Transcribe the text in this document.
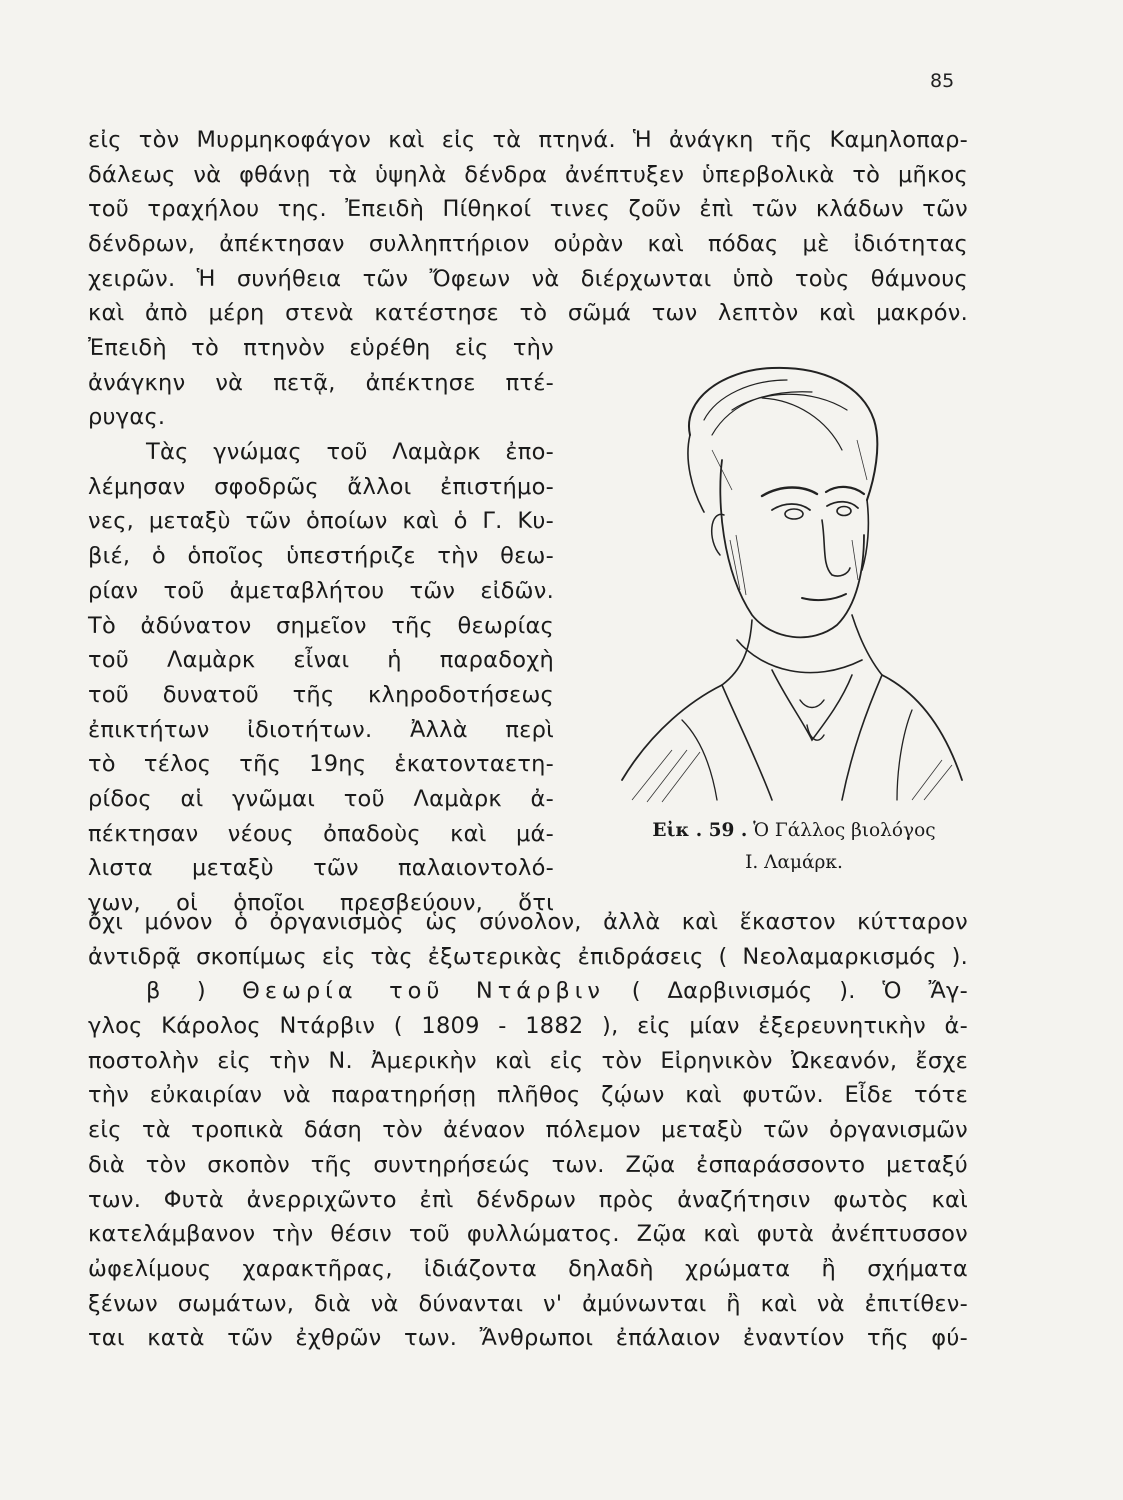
85
εἰς τὸν Μυρμηκοφάγον καὶ εἰς τὰ πτηνά. Ἡ ἀνάγκη τῆς Καμηλοπαρ-
δάλεως νὰ φθάνῃ τὰ ὑψηλὰ δένδρα ἀνέπτυξεν ὑπερβολικὰ τὸ μῆκος
τοῦ τραχήλου της. Ἐπειδὴ Πίθηκοί τινες ζοῦν ἐπὶ τῶν κλάδων τῶν
δένδρων, ἀπέκτησαν συλληπτήριον οὐρὰν καὶ πόδας μὲ ἰδιότητας
χειρῶν. Ἡ συνήθεια τῶν Ὄφεων νὰ διέρχωνται ὑπὸ τοὺς θάμνους
καὶ ἀπὸ μέρη στενὰ κατέστησε τὸ σῶμά των λεπτὸν καὶ μακρόν.
Ἐπειδὴ τὸ πτηνὸν εὑρέθη εἰς τὴν
ἀνάγκην νὰ πετᾷ, ἀπέκτησε πτέ-
ρυγας.
Τὰς γνώμας τοῦ Λαμὰρκ ἐπο-
λέμησαν σφοδρῶς ἄλλοι ἐπιστήμο-
νες, μεταξὺ τῶν ὁποίων καὶ ὁ Γ. Κυ-
βιέ, ὁ ὁποῖος ὑπεστήριζε τὴν θεω-
ρίαν τοῦ ἀμεταβλήτου τῶν εἰδῶν.
Τὸ ἀδύνατον σημεῖον τῆς θεωρίας
τοῦ Λαμὰρκ εἶναι ἡ παραδοχὴ
τοῦ δυνατοῦ τῆς κληροδοτήσεως
ἐπικτήτων ἰδιοτήτων. Ἀλλὰ περὶ
τὸ τέλος τῆς 19ης ἑκατονταετη-
ρίδος αἱ γνῶμαι τοῦ Λαμὰρκ ἀ-
πέκτησαν νέους ὀπαδοὺς καὶ μά-
λιστα μεταξὺ τῶν παλαιοντολό-
γων, οἱ ὁποῖοι πρεσβεύουν, ὅτι
Εἰκ . 59 . Ὁ Γάλλος βιολόγος
Ι. Λαμάρκ.
ὄχι μόνον ὁ ὀργανισμὸς ὡς σύνολον, ἀλλὰ καὶ ἕκαστον κύτταρον
ἀντιδρᾷ σκοπίμως εἰς τὰς ἐξωτερικὰς ἐπιδράσεις ( Νεολαμαρκισμός ).
β ) Θεωρία τοῦ Ντάρβιν ( Δαρβινισμός ). Ὁ Ἄγ-
γλος Κάρολος Ντάρβιν ( 1809 - 1882 ), εἰς μίαν ἐξερευνητικὴν ἀ-
ποστολὴν εἰς τὴν Ν. Ἀμερικὴν καὶ εἰς τὸν Εἰρηνικὸν Ὠκεανόν, ἔσχε
τὴν εὐκαιρίαν νὰ παρατηρήσῃ πλῆθος ζῴων καὶ φυτῶν. Εἶδε τότε
εἰς τὰ τροπικὰ δάση τὸν ἀέναον πόλεμον μεταξὺ τῶν ὀργανισμῶν
διὰ τὸν σκοπὸν τῆς συντηρήσεώς των. Ζῷα ἐσπαράσσοντο μεταξύ
των. Φυτὰ ἀνερριχῶντο ἐπὶ δένδρων πρὸς ἀναζήτησιν φωτὸς καὶ
κατελάμβανον τὴν θέσιν τοῦ φυλλώματος. Ζῷα καὶ φυτὰ ἀνέπτυσσον
ὠφελίμους χαρακτῆρας, ἰδιάζοντα δηλαδὴ χρώματα ἢ σχήματα
ξένων σωμάτων, διὰ νὰ δύνανται ν' ἀμύνωνται ἢ καὶ νὰ ἐπιτίθεν-
ται κατὰ τῶν ἐχθρῶν των. Ἄνθρωποι ἐπάλαιον ἐναντίον τῆς φύ-
